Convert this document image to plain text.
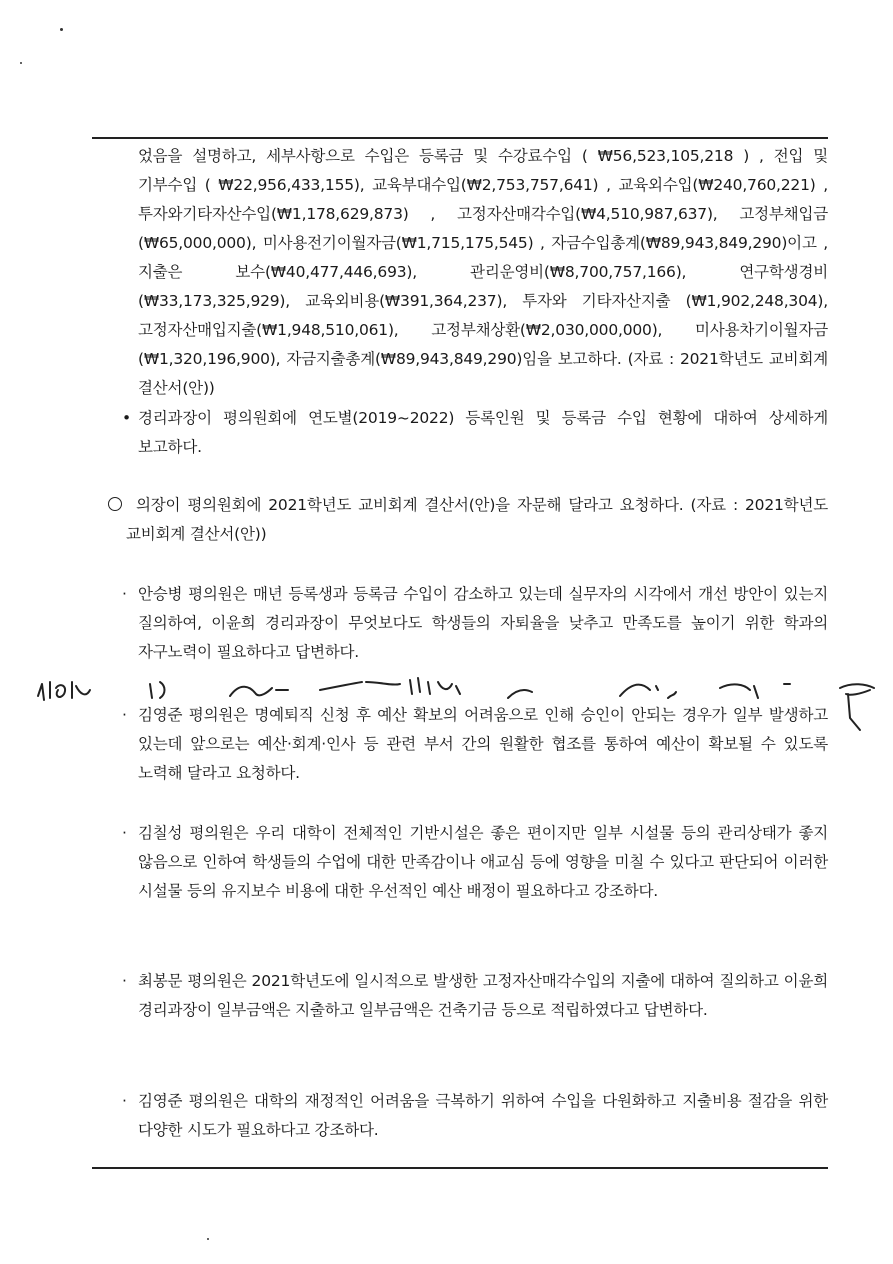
었음을 설명하고, 세부사항으로 수입은 등록금 및 수강료수입 ( ₩56,523,105,218 ) , 전입 및 기부수입 ( ₩22,956,433,155), 교육부대수입(₩2,753,757,641) , 교육외수입(₩240,760,221) , 투자와기타자산수입(₩1,178,629,873) , 고정자산매각수입(₩4,510,987,637), 고정부채입금(₩65,000,000), 미사용전기이월자금(₩1,715,175,545) , 자금수입총계(₩89,943,849,290)이고 , 지출은 보수(₩40,477,446,693), 관리운영비(₩8,700,757,166), 연구학생경비(₩33,173,325,929), 교육외비용(₩391,364,237), 투자와 기타자산지출 (₩1,902,248,304), 고정자산매입지출(₩1,948,510,061), 고정부채상환(₩2,030,000,000), 미사용차기이월자금(₩1,320,196,900), 자금지출총계(₩89,943,849,290)임을 보고하다. (자료 : 2021학년도 교비회계 결산서(안))
• 경리과장이 평의원회에 연도별(2019~2022) 등록인원 및 등록금 수입 현황에 대하여 상세하게 보고하다.
의장이 평의원회에 2021학년도 교비회계 결산서(안)을 자문해 달라고 요청하다. (자료 : 2021학년도 교비회계 결산서(안))
· 안승병 평의원은 매년 등록생과 등록금 수입이 감소하고 있는데 실무자의 시각에서 개선 방안이 있는지 질의하여, 이윤희 경리과장이 무엇보다도 학생들의 자퇴율을 낮추고 만족도를 높이기 위한 학과의 자구노력이 필요하다고 답변하다.
· 김영준 평의원은 명예퇴직 신청 후 예산 확보의 어려움으로 인해 승인이 안되는 경우가 일부 발생하고 있는데 앞으로는 예산·회계·인사 등 관련 부서 간의 원활한 협조를 통하여 예산이 확보될 수 있도록 노력해 달라고 요청하다.
· 김칠성 평의원은 우리 대학이 전체적인 기반시설은 좋은 편이지만 일부 시설물 등의 관리상태가 좋지 않음으로 인하여 학생들의 수업에 대한 만족감이나 애교심 등에 영향을 미칠 수 있다고 판단되어 이러한 시설물 등의 유지보수 비용에 대한 우선적인 예산 배정이 필요하다고 강조하다.
· 최봉문 평의원은 2021학년도에 일시적으로 발생한 고정자산매각수입의 지출에 대하여 질의하고 이윤희 경리과장이 일부금액은 지출하고 일부금액은 건축기금 등으로 적립하였다고 답변하다.
· 김영준 평의원은 대학의 재정적인 어려움을 극복하기 위하여 수입을 다원화하고 지출비용 절감을 위한 다양한 시도가 필요하다고 강조하다.
